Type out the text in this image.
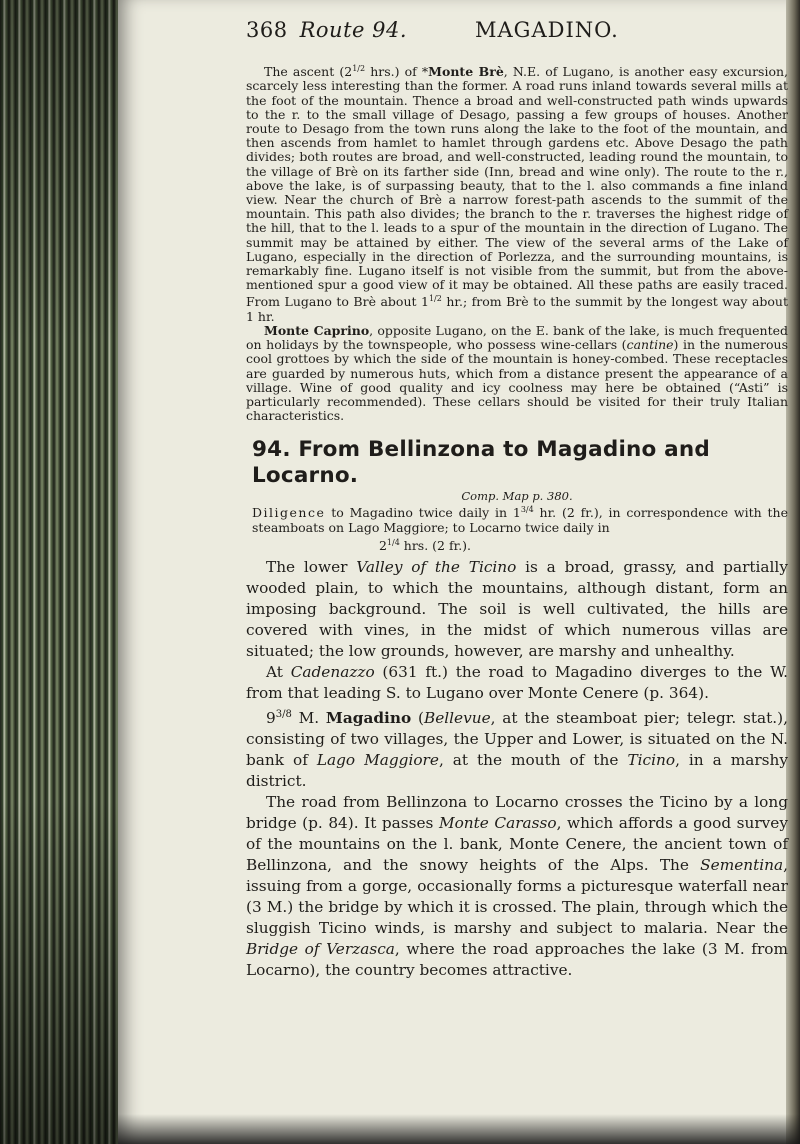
368 Route 94.	MAGADINO.

The ascent ($2^{1/2}$ hrs.) of *Monte Brè, N.E. of Lugano, is another easy excursion, scarcely less interesting than the former. A road runs inland towards several mills at the foot of the mountain. Thence a broad and well-constructed path winds upwards to the r. to the small village of Desago, passing a few groups of houses. Another route to Desago from the town runs along the lake to the foot of the mountain, and then ascends from hamlet to hamlet through gardens etc. Above Desago the path divides; both routes are broad, and well-constructed, leading round the mountain, to the village of Brè on its farther side (Inn, bread and wine only). The route to the r., above the lake, is of surpassing beauty, that to the l. also commands a fine inland view. Near the church of Brè a narrow forest-path ascends to the summit of the mountain. This path also divides; the branch to the r. traverses the highest ridge of the hill, that to the l. leads to a spur of the mountain in the direction of Lugano. The summit may be attained by either. The view of the several arms of the Lake of Lugano, especially in the direction of Porlezza, and the surrounding mountains, is remarkably fine. Lugano itself is not visible from the summit, but from the above-mentioned spur a good view of it may be obtained. All these paths are easily traced. From Lugano to Brè about $1^{1/2}$ hr.; from Brè to the summit by the longest way about 1 hr.

Monte Caprino, opposite Lugano, on the E. bank of the lake, is much frequented on holidays by the townspeople, who possess wine-cellars (cantine) in the numerous cool grottoes by which the side of the mountain is honey-combed. These receptacles are guarded by numerous huts, which from a distance present the appearance of a village. Wine of good quality and icy coolness may here be obtained (“Asti” is particularly recommended). These cellars should be visited for their truly Italian characteristics.

94. From Bellinzona to Magadino and Locarno.
Comp. Map p. 380.
Diligence to Magadino twice daily in $1^{3/4}$ hr. (2 fr.), in correspondence with the steamboats on Lago Maggiore; to Locarno twice daily in
$2^{1/4}$ hrs. (2 fr.).

The lower Valley of the Ticino is a broad, grassy, and partially wooded plain, to which the mountains, although distant, form an imposing background. The soil is well cultivated, the hills are covered with vines, in the midst of which numerous villas are situated; the low grounds, however, are marshy and unhealthy.

At Cadenazzo (631 ft.) the road to Magadino diverges to the W. from that leading S. to Lugano over Monte Cenere (p. 364).

$9^{3/8}$ M. Magadino (Bellevue, at the steamboat pier; telegr. stat.), consisting of two villages, the Upper and Lower, is situated on the N. bank of Lago Maggiore, at the mouth of the Ticino, in a marshy district.

The road from Bellinzona to Locarno crosses the Ticino by a long bridge (p. 84). It passes Monte Carasso, which affords a good survey of the mountains on the l. bank, Monte Cenere, the ancient town of Bellinzona, and the snowy heights of the Alps. The Sementina, issuing from a gorge, occasionally forms a picturesque waterfall near (3 M.) the bridge by which it is crossed. The plain, through which the sluggish Ticino winds, is marshy and subject to malaria. Near the Bridge of Verzasca, where the road approaches the lake (3 M. from Locarno), the country becomes attractive.
